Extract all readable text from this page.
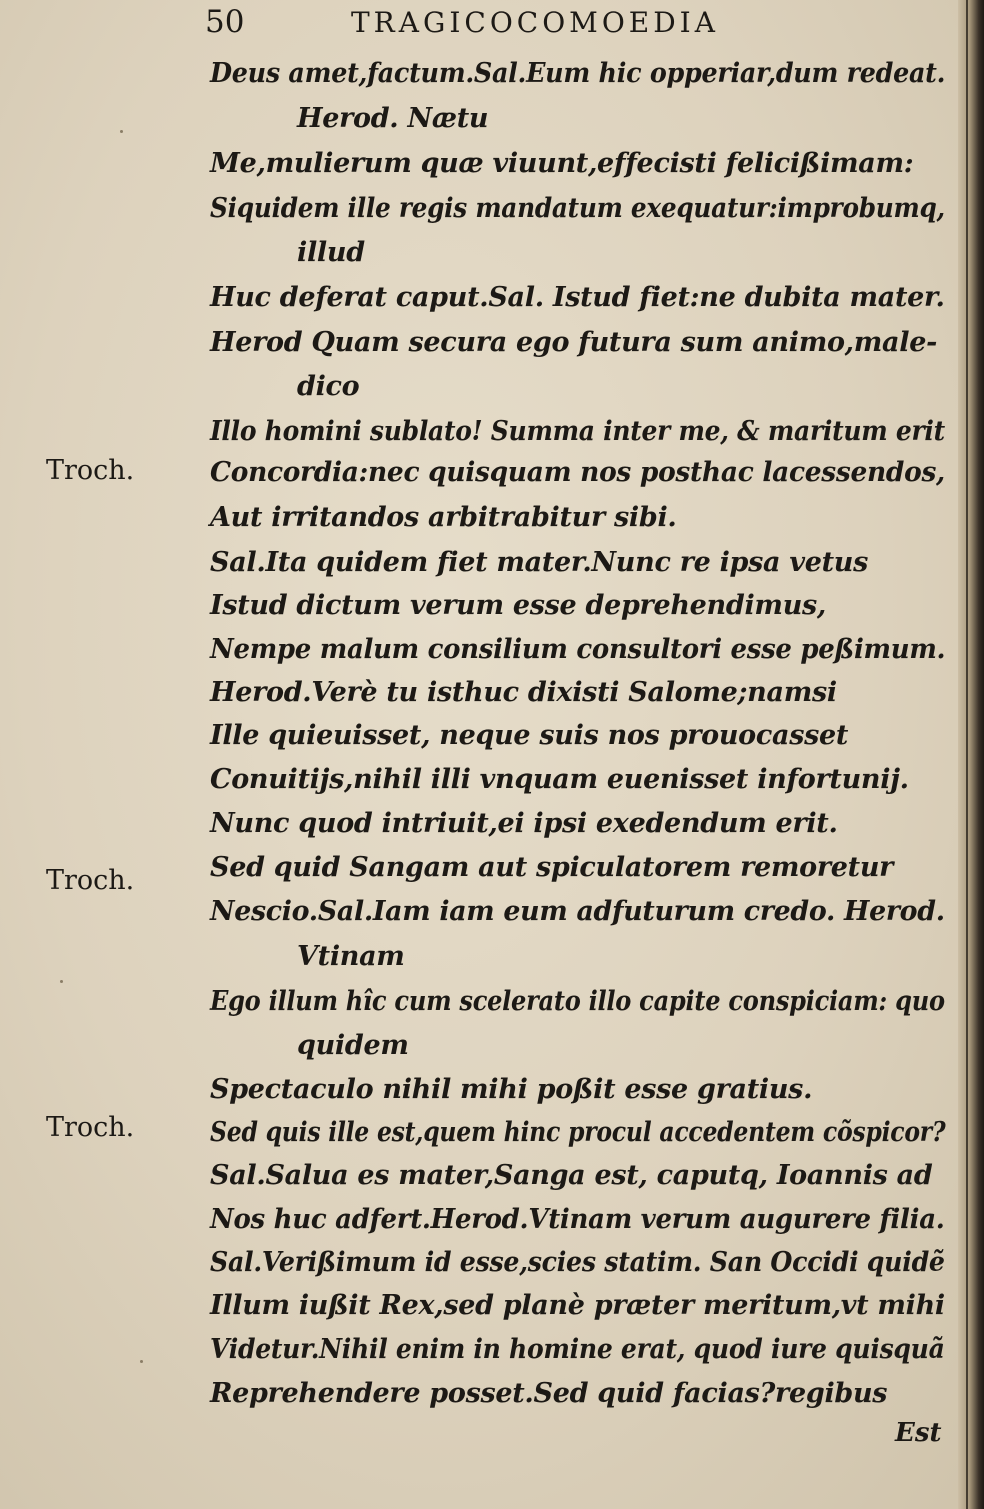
50	TRAGICOCOMOEDIA
Deus amet,factum.Sal.Eum hic opperiar,dum redeat.
Herod. Nætu
Me,mulierum quæ viuunt,effecisti felicißimam:
Siquidem ille regis mandatum exequatur:improbumq,
illud
Huc deferat caput.Sal. Istud fiet:ne dubita mater.
Herod Quam secura ego futura sum animo,male-
dico
Illo homini sublato! Summa inter me, & maritum erit
Concordia:nec quisquam nos posthac lacessendos,
Aut irritandos arbitrabitur sibi.
Sal.Ita quidem fiet mater.Nunc re ipsa vetus
Istud dictum verum esse deprehendimus,
Nempe malum consilium consultori esse peßimum.
Herod.Verè tu isthuc dixisti Salome;namsi
Ille quieuisset, neque suis nos prouocasset
Conuitijs,nihil illi vnquam euenisset infortunij.
Nunc quod intriuit,ei ipsi exedendum erit.
Sed quid Sangam aut spiculatorem remoretur
Nescio.Sal.Iam iam eum adfuturum credo. Herod.
Vtinam
Ego illum hîc cum scelerato illo capite conspiciam: quo
quidem
Spectaculo nihil mihi poßit esse gratius.
Sed quis ille est,quem hinc procul accedentem cõspicor?
Sal.Salua es mater,Sanga est, caputq, Ioannis ad
Nos huc adfert.Herod.Vtinam verum augurere filia.
Sal.Verißimum id esse,scies statim. San Occidi quidẽ
Illum iußit Rex,sed planè præter meritum,vt mihi
Videtur.Nihil enim in homine erat, quod iure quisquã
Reprehendere posset.Sed quid facias?regibus
Troch.
Troch.
Troch.
Est
